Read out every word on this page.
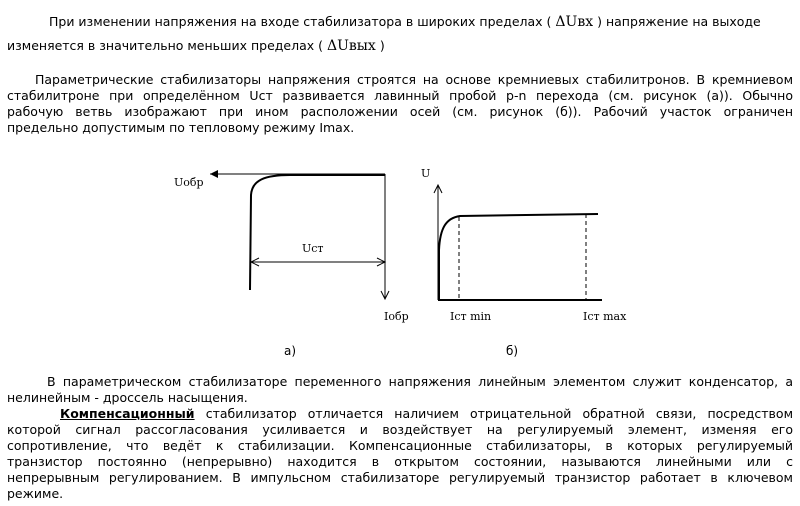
При изменении напряжения на входе стабилизатора в широких пределах ( ΔUвх ) напряжение на выходе
изменяется в значительно меньших пределах ( ΔUвых )
Параметрические стабилизаторы напряжения строятся на основе кремниевых стабилитронов. В кремниевом
стабилитроне при определённом Uст развивается лавинный пробой p-n перехода (см. рисунок (а)). Обычно
рабочую ветвь изображают при ином расположении осей (см. рисунок (б)). Рабочий участок ограничен
предельно допустимым по тепловому режиму Imax.
Uобр
Uст
Iобр
а)
U
Iст min	Iст max
б)
В параметрическом стабилизаторе переменного напряжения линейным элементом служит конденсатор, а
нелинейным - дроссель насыщения.
Компенсационный стабилизатор отличается наличием отрицательной обратной связи, посредством
которой сигнал рассогласования усиливается и воздействует на регулируемый элемент, изменяя его
сопротивление, что ведёт к стабилизации. Компенсационные стабилизаторы, в которых регулируемый
транзистор постоянно (непрерывно) находится в открытом состоянии, называются линейными или с
непрерывным регулированием. В импульсном стабилизаторе регулируемый транзистор работает в ключевом
режиме.
